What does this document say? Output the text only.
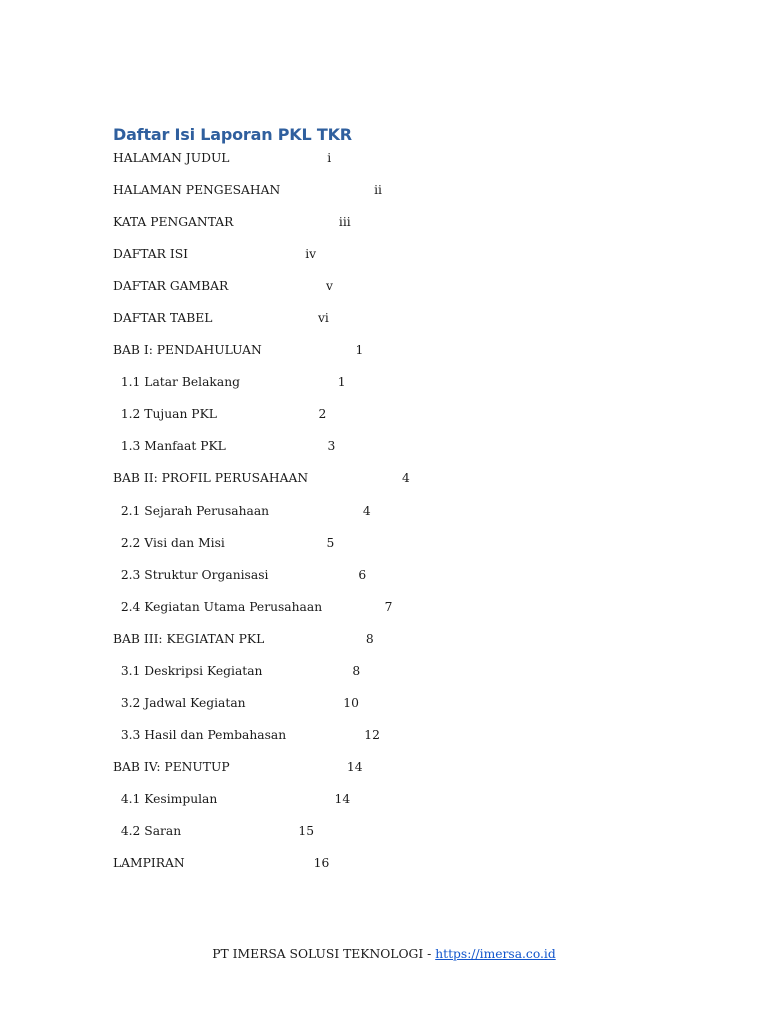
Daftar Isi Laporan PKL TKR
HALAMAN JUDUL                         i
HALAMAN PENGESAHAN                        ii
KATA PENGANTAR                           iii
DAFTAR ISI                              iv
DAFTAR GAMBAR                         v
DAFTAR TABEL                           vi
BAB I: PENDAHULUAN                        1
1.1 Latar Belakang                         1
1.2 Tujuan PKL                          2
1.3 Manfaat PKL                          3
BAB II: PROFIL PERUSAHAAN                        4
2.1 Sejarah Perusahaan                        4
2.2 Visi dan Misi                          5
2.3 Struktur Organisasi                       6
2.4 Kegiatan Utama Perusahaan                7
BAB III: KEGIATAN PKL                          8
3.1 Deskripsi Kegiatan                       8
3.2 Jadwal Kegiatan                         10
3.3 Hasil dan Pembahasan                    12
BAB IV: PENUTUP                              14
4.1 Kesimpulan                              14
4.2 Saran                              15
LAMPIRAN                                 16
PT IMERSA SOLUSI TEKNOLOGI - https://imersa.co.id
